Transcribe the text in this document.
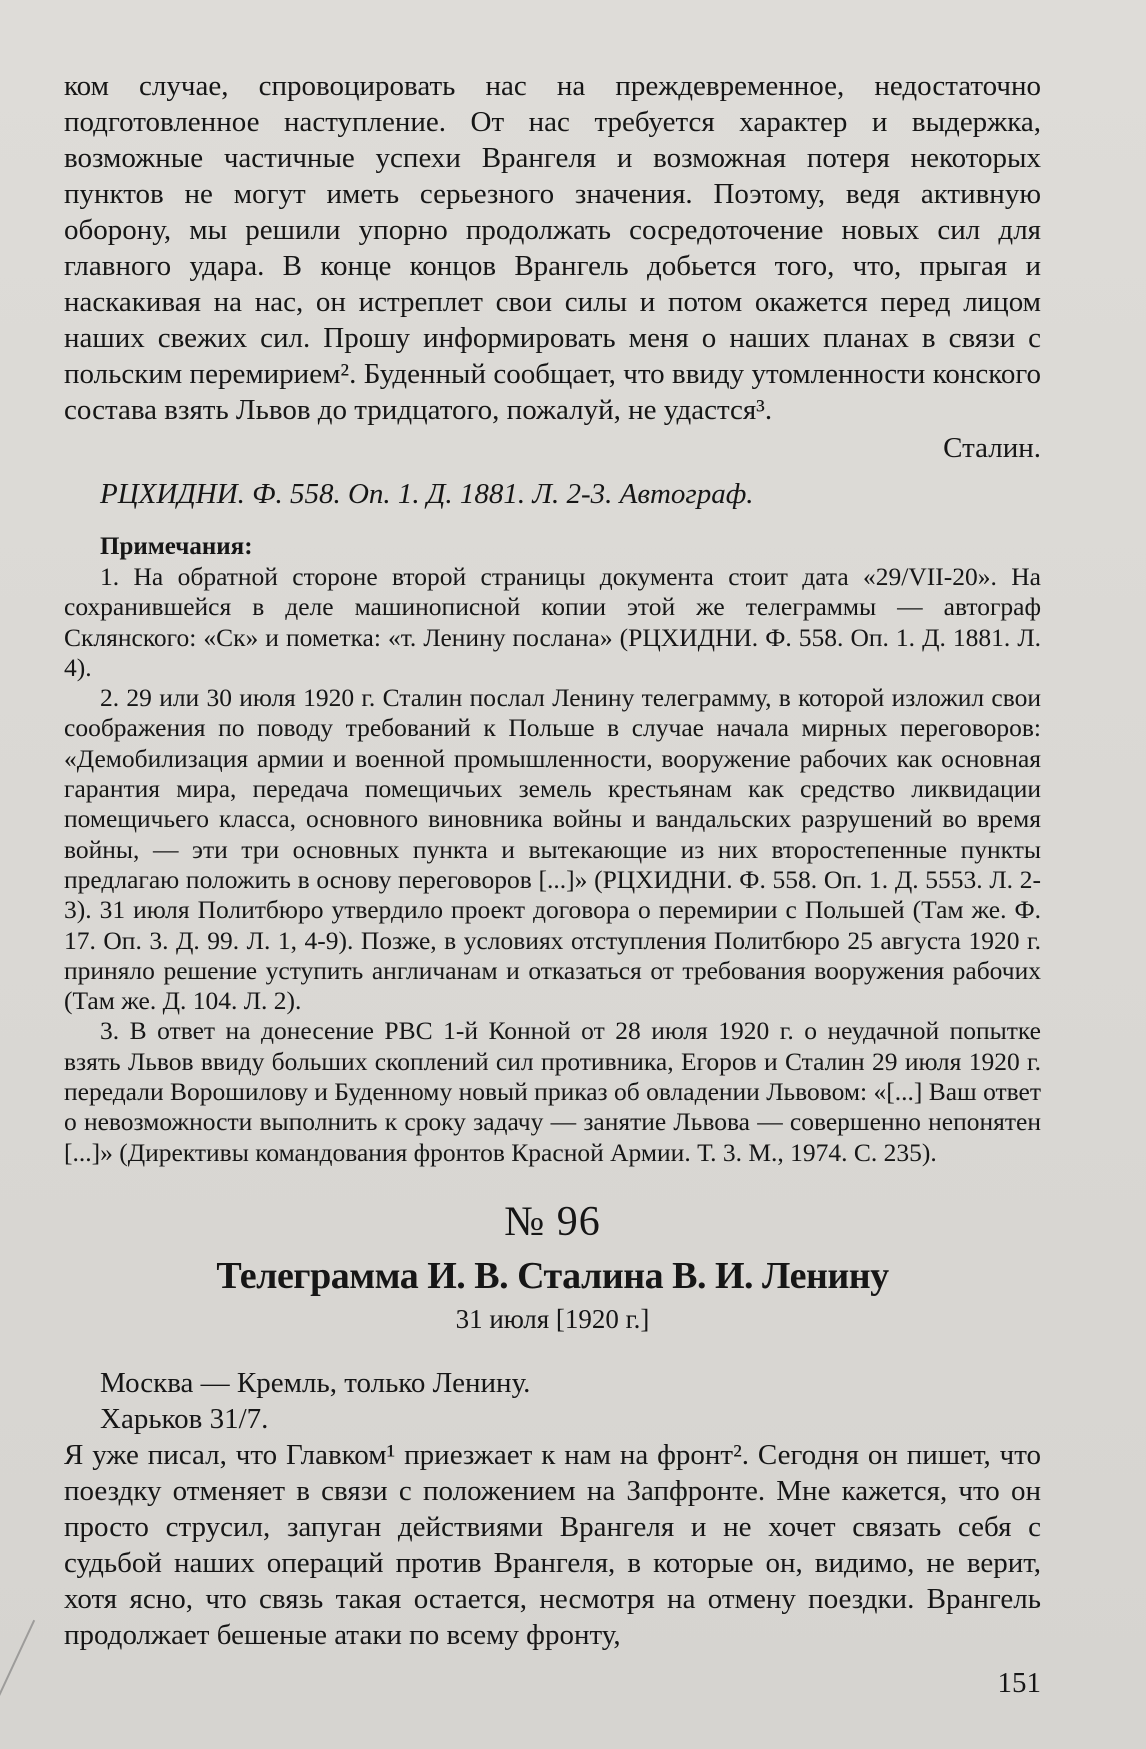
ком случае, спровоцировать нас на преждевременное, недостаточно подготовленное наступление. От нас требуется характер и выдержка, возможные частичные успехи Врангеля и возможная потеря некоторых пунктов не могут иметь серьезного значения. Поэтому, ведя активную оборону, мы решили упорно продолжать сосредоточение новых сил для главного удара. В конце концов Врангель добьется того, что, прыгая и наскакивая на нас, он истреплет свои силы и потом окажется перед лицом наших свежих сил. Прошу информировать меня о наших планах в связи с польским перемирием². Буденный сообщает, что ввиду утомленности конского состава взять Львов до тридцатого, пожалуй, не удастся³.

Сталин.
РЦХИДНИ. Ф. 558. Оп. 1. Д. 1881. Л. 2-3. Автограф.
Примечания:

1. На обратной стороне второй страницы документа стоит дата «29/VII-20». На сохранившейся в деле машинописной копии этой же телеграммы — автограф Склянского: «Ск» и пометка: «т. Ленину послана» (РЦХИДНИ. Ф. 558. Оп. 1. Д. 1881. Л. 4).

2. 29 или 30 июля 1920 г. Сталин послал Ленину телеграмму, в которой изложил свои соображения по поводу требований к Польше в случае начала мирных переговоров: «Демобилизация армии и военной промышленности, вооружение рабочих как основная гарантия мира, передача помещичьих земель крестьянам как средство ликвидации помещичьего класса, основного виновника войны и вандальских разрушений во время войны, — эти три основных пункта и вытекающие из них второстепенные пункты предлагаю положить в основу переговоров [...]» (РЦХИДНИ. Ф. 558. Оп. 1. Д. 5553. Л. 2-3). 31 июля Политбюро утвердило проект договора о перемирии с Польшей (Там же. Ф. 17. Оп. 3. Д. 99. Л. 1, 4-9). Позже, в условиях отступления Политбюро 25 августа 1920 г. приняло решение уступить англичанам и отказаться от требования вооружения рабочих (Там же. Д. 104. Л. 2).

3. В ответ на донесение РВС 1-й Конной от 28 июля 1920 г. о неудачной попытке взять Львов ввиду больших скоплений сил противника, Егоров и Сталин 29 июля 1920 г. передали Ворошилову и Буденному новый приказ об овладении Львовом: «[...] Ваш ответ о невозможности выполнить к сроку задачу — занятие Львова — совершенно непонятен [...]» (Директивы командования фронтов Красной Армии. Т. 3. М., 1974. С. 235).

№ 96
Телеграмма И. В. Сталина В. И. Ленину
31 июля [1920 г.]
Москва — Кремль, только Ленину.
Харьков 31/7.

Я уже писал, что Главком¹ приезжает к нам на фронт². Сегодня он пишет, что поездку отменяет в связи с положением на Запфронте. Мне кажется, что он просто струсил, запуган действиями Врангеля и не хочет связать себя с судьбой наших операций против Врангеля, в которые он, видимо, не верит, хотя ясно, что связь такая остается, несмотря на отмену поездки. Врангель продолжает бешеные атаки по всему фронту,

151
